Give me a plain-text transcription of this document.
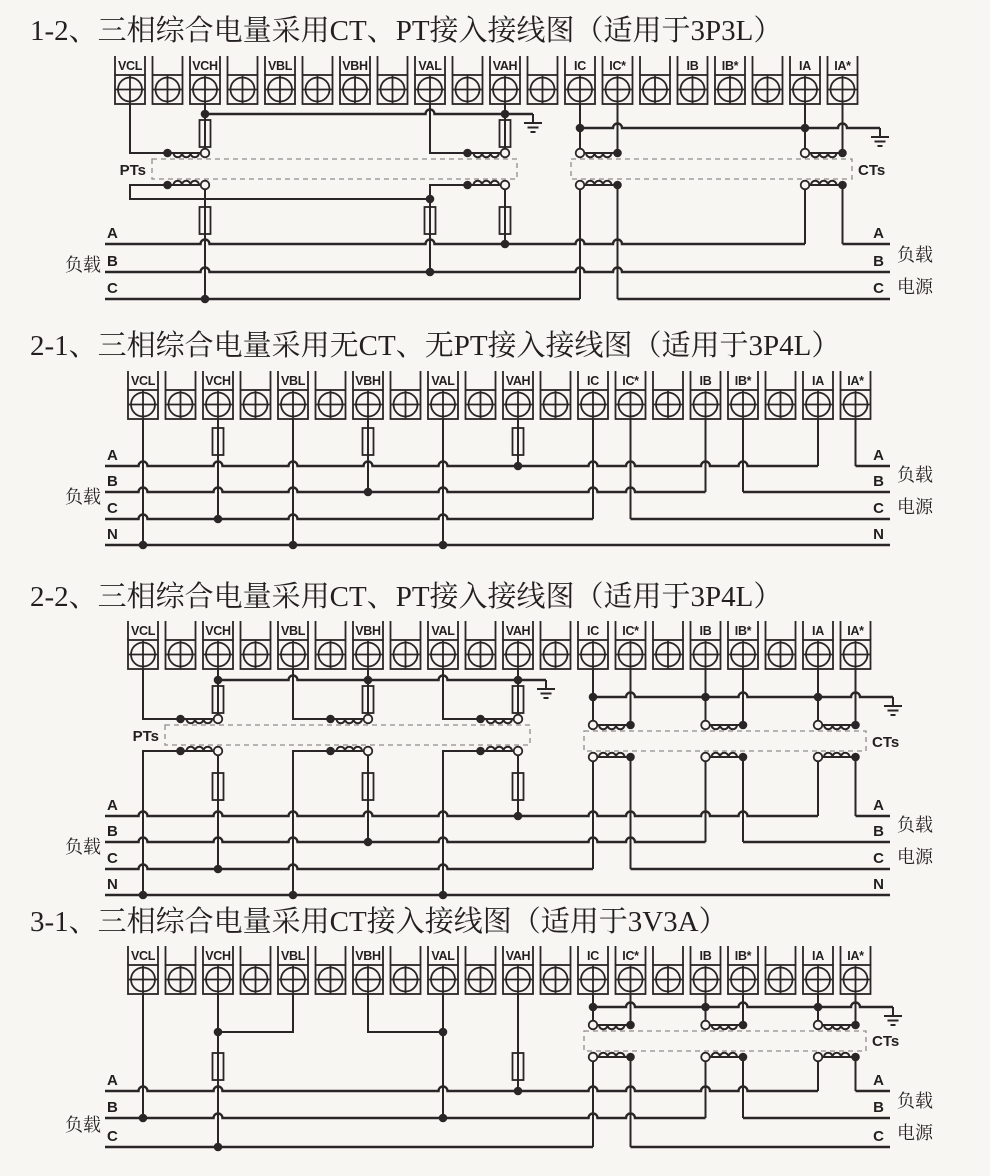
1-2、三相综合电量采用CT、PT接入接线图（适用于3P3L）
VCL	VCH	VBL	VBH	VAL	VAH	IC IC*	IB IB*	IA IA*
A
B
C
A
B
C
负载	负载
电源
PTs	CTs
2-1、三相综合电量采用无CT、无PT接入接线图（适用于3P4L）
VCL	VCH	VBL	VBH	VAL	VAH	IC IC*	IB IB*	IA IA*
A
B
C
N
A
B
C
N
负载
负载
电源
2-2、三相综合电量采用CT、PT接入接线图（适用于3P4L）
VCL	VCH	VBL	VBH	VAL	VAH	IC IC*	IB IB*	IA IA*
A
B
C
N
A
B
C
N
负载
负载
电源
PTs	CTs
3-1、三相综合电量采用CT接入接线图（适用于3V3A）
VCL	VCH	VBL	VBH	VAL	VAH	IC IC*	IB IB*	IA IA*
A
B
C
A
B
C
负载
负载
电源
CTs
